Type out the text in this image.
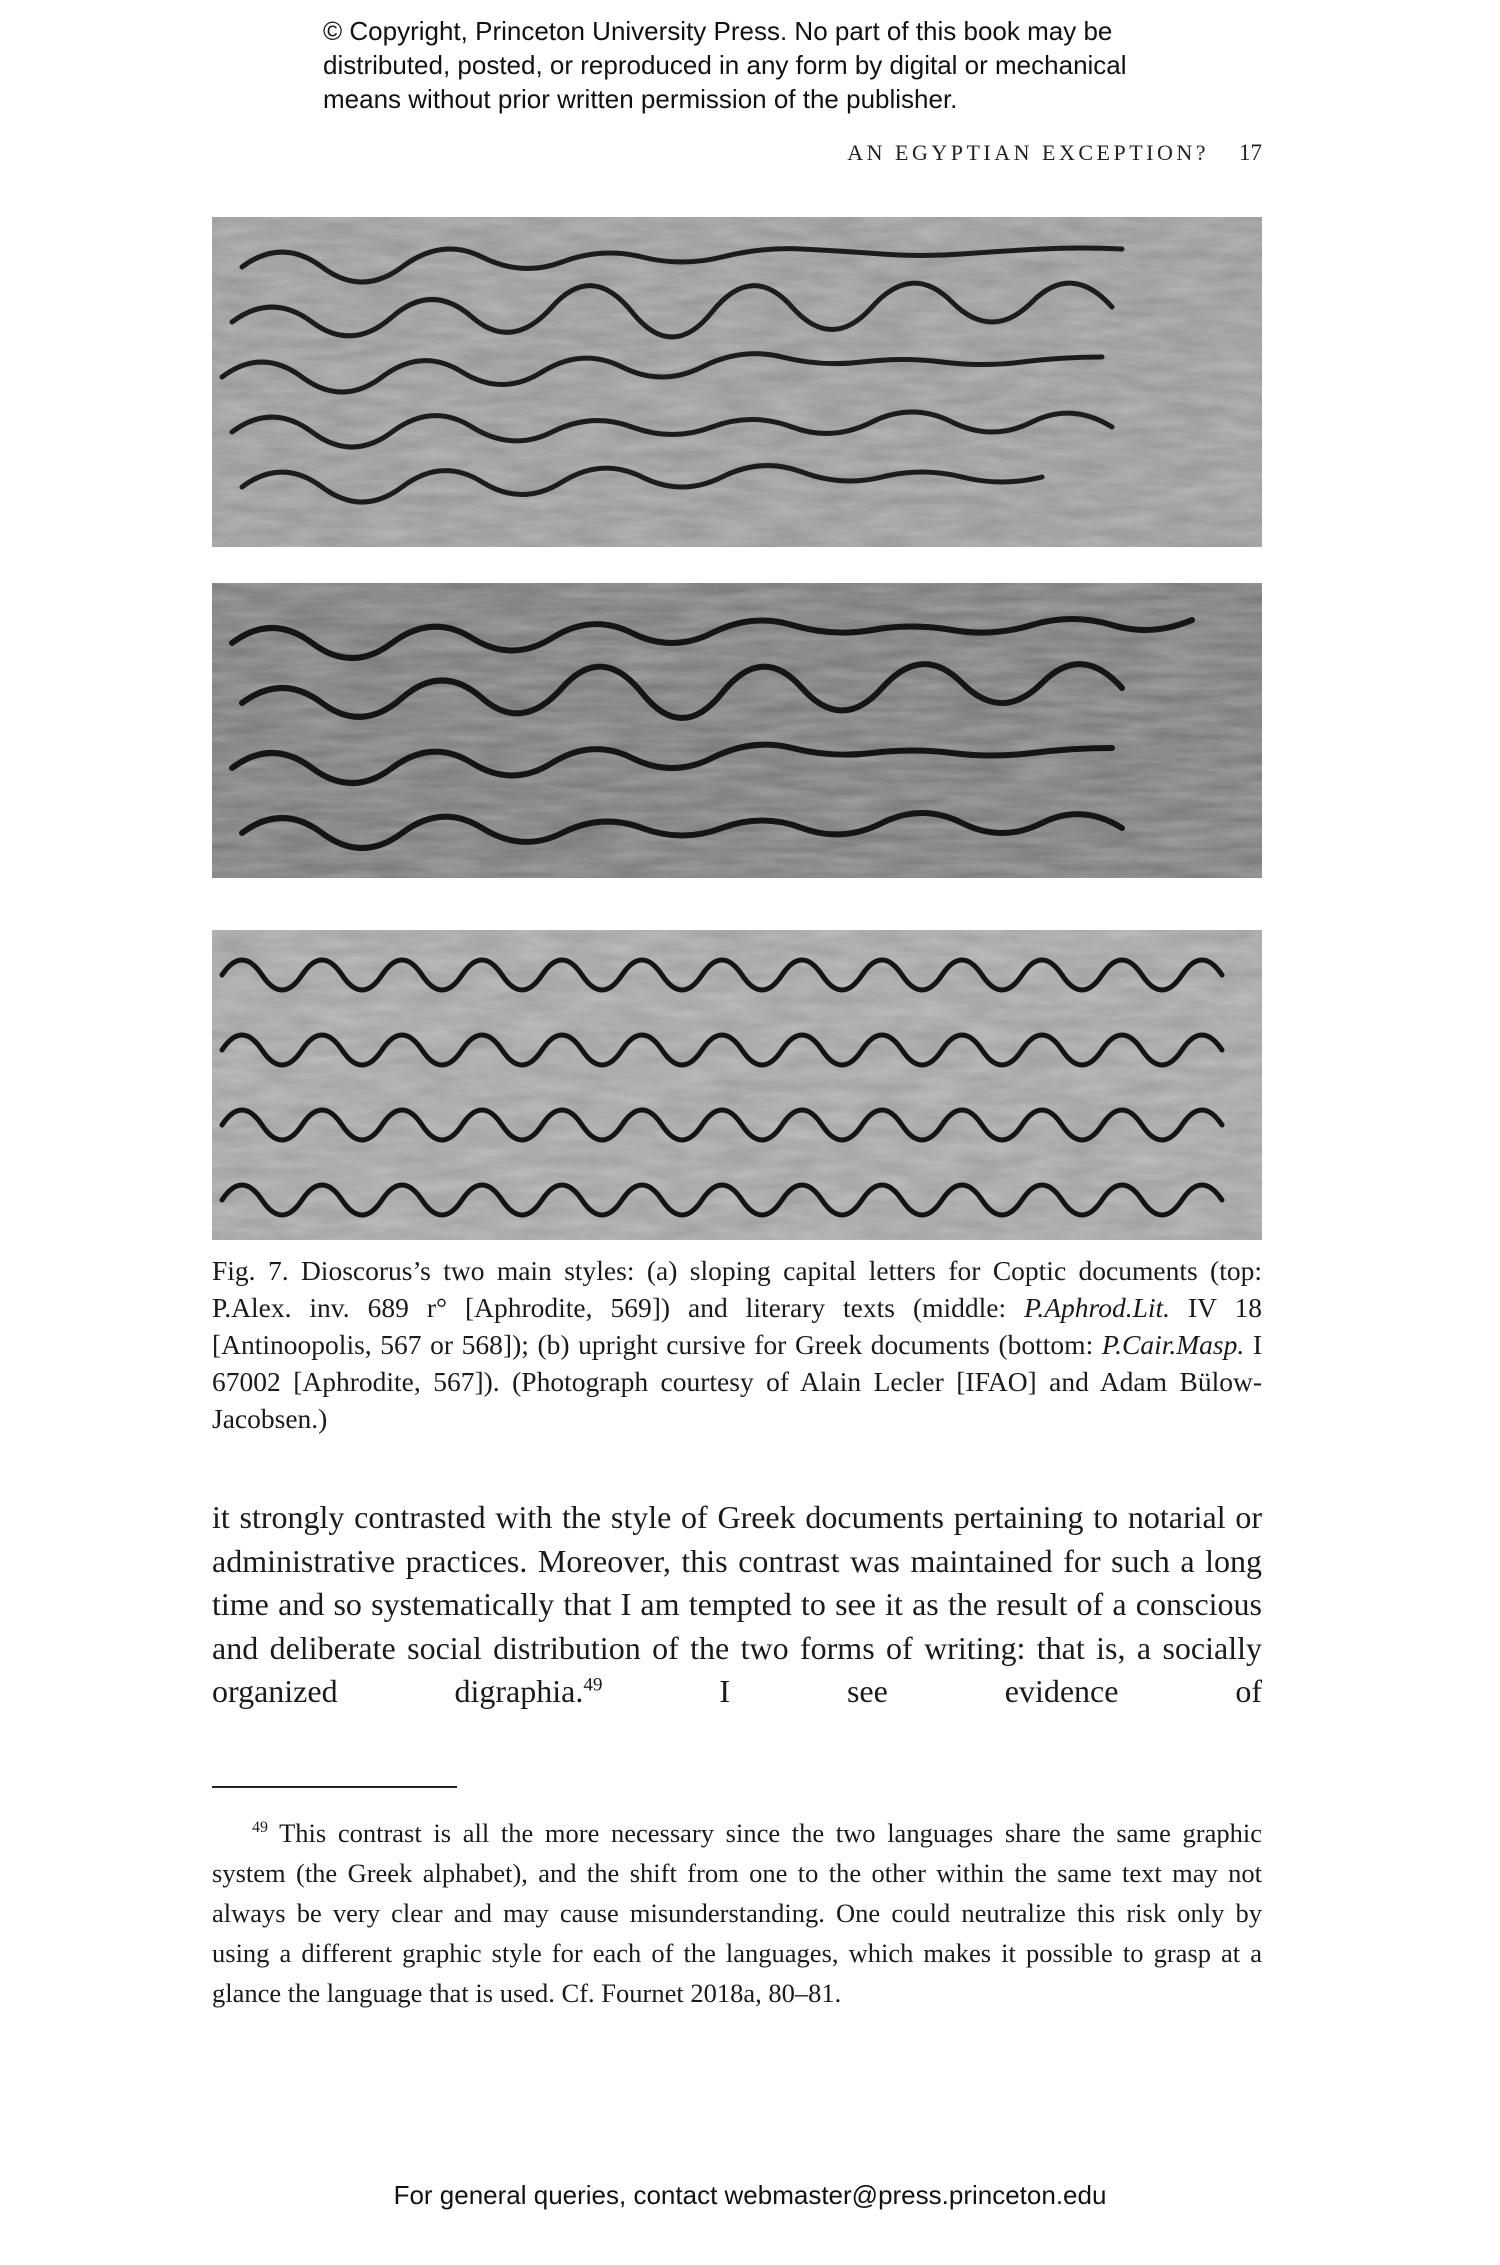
© Copyright, Princeton University Press. No part of this book may be
distributed, posted, or reproduced in any form by digital or mechanical
means without prior written permission of the publisher.
AN EGYPTIAN EXCEPTION? 17
Fig. 7. Dioscorus’s two main styles: (a) sloping capital letters for Coptic documents (top: P.Alex. inv. 689 r° [Aphrodite, 569]) and literary texts (middle: P.Aphrod.Lit. IV 18 [Antinoopolis, 567 or 568]); (b) upright cursive for Greek documents (bottom: P.Cair.Masp. I 67002 [Aphrodite, 567]). (Photograph courtesy of Alain Lecler [IFAO] and Adam Bülow-Jacobsen.)
it strongly contrasted with the style of Greek documents pertaining to notarial or administrative practices. Moreover, this contrast was maintained for such a long time and so systematically that I am tempted to see it as the result of a conscious and deliberate social distribution of the two forms of writing: that is, a socially organized digraphia.$^{49}$ I see evidence of
$^{49}$ This contrast is all the more necessary since the two languages share the same graphic system (the Greek alphabet), and the shift from one to the other within the same text may not always be very clear and may cause misunderstanding. One could neutralize this risk only by using a different graphic style for each of the languages, which makes it possible to grasp at a glance the language that is used. Cf. Fournet 2018a, 80–81.
For general queries, contact webmaster@press.princeton.edu
